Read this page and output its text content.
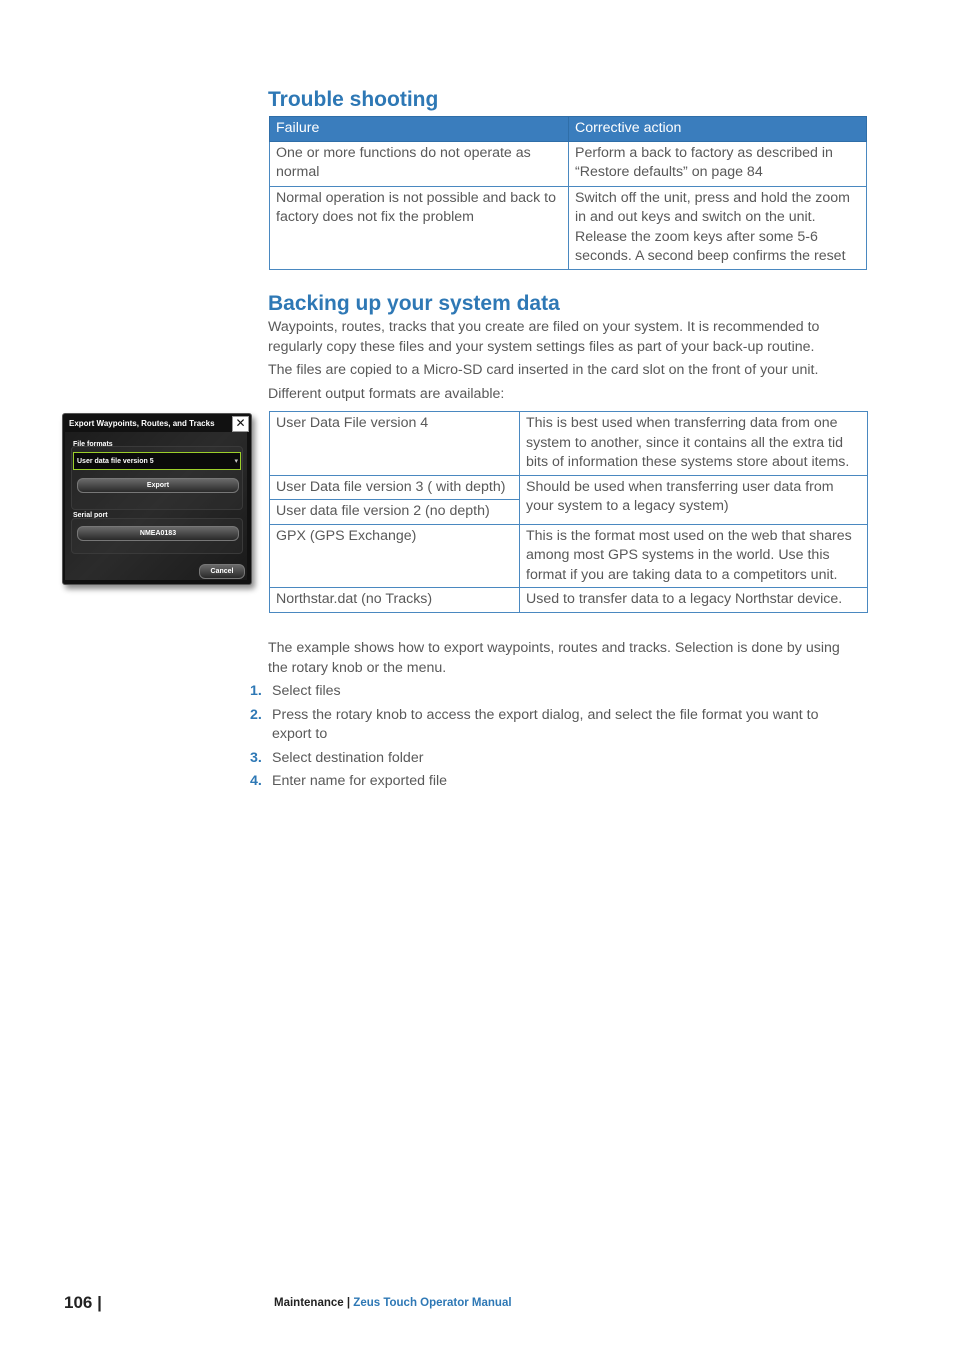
Trouble shooting
Failure	Corrective action
One or more functions do not operate as normal	Perform a back to factory as described in “Restore defaults” on page 84
Normal operation is not possible and back to factory does not fix the problem	Switch off the unit, press and hold the zoom in and out keys and switch on the unit. Release the zoom keys after some 5-6 seconds. A second beep confirms the reset
Backing up your system data
Waypoints, routes, tracks that you create are filed on your system. It is recommended to regularly copy these files and your system settings files as part of your back-up routine.
The files are copied to a Micro-SD card inserted in the card slot on the front of your unit.
Different output formats are available:
User Data File version 4	This is best used when transferring data from one system to another, since it contains all the extra tid bits of information these systems store about items.
User Data file version 3 ( with depth)	Should be used when transferring user data from your system to a legacy system)
User data file version 2 (no depth)	
GPX (GPS Exchange)	This is the format most used on the web that shares among most GPS systems in the world. Use this format if you are taking data to a competitors unit.
Northstar.dat (no Tracks)	Used to transfer data to a legacy Northstar device.
Export Waypoints, Routes, and Tracks ✕
File formats
User data file version 5	▾
Export
Serial port
NMEA0183
Cancel
The example shows how to export waypoints, routes and tracks. Selection is done by using the rotary knob or the menu.
1. Select files
2. Press the rotary knob to access the export dialog, and select the file format you want to export to
3. Select destination folder
4. Enter name for exported file
106 |	Maintenance | Zeus Touch Operator Manual
